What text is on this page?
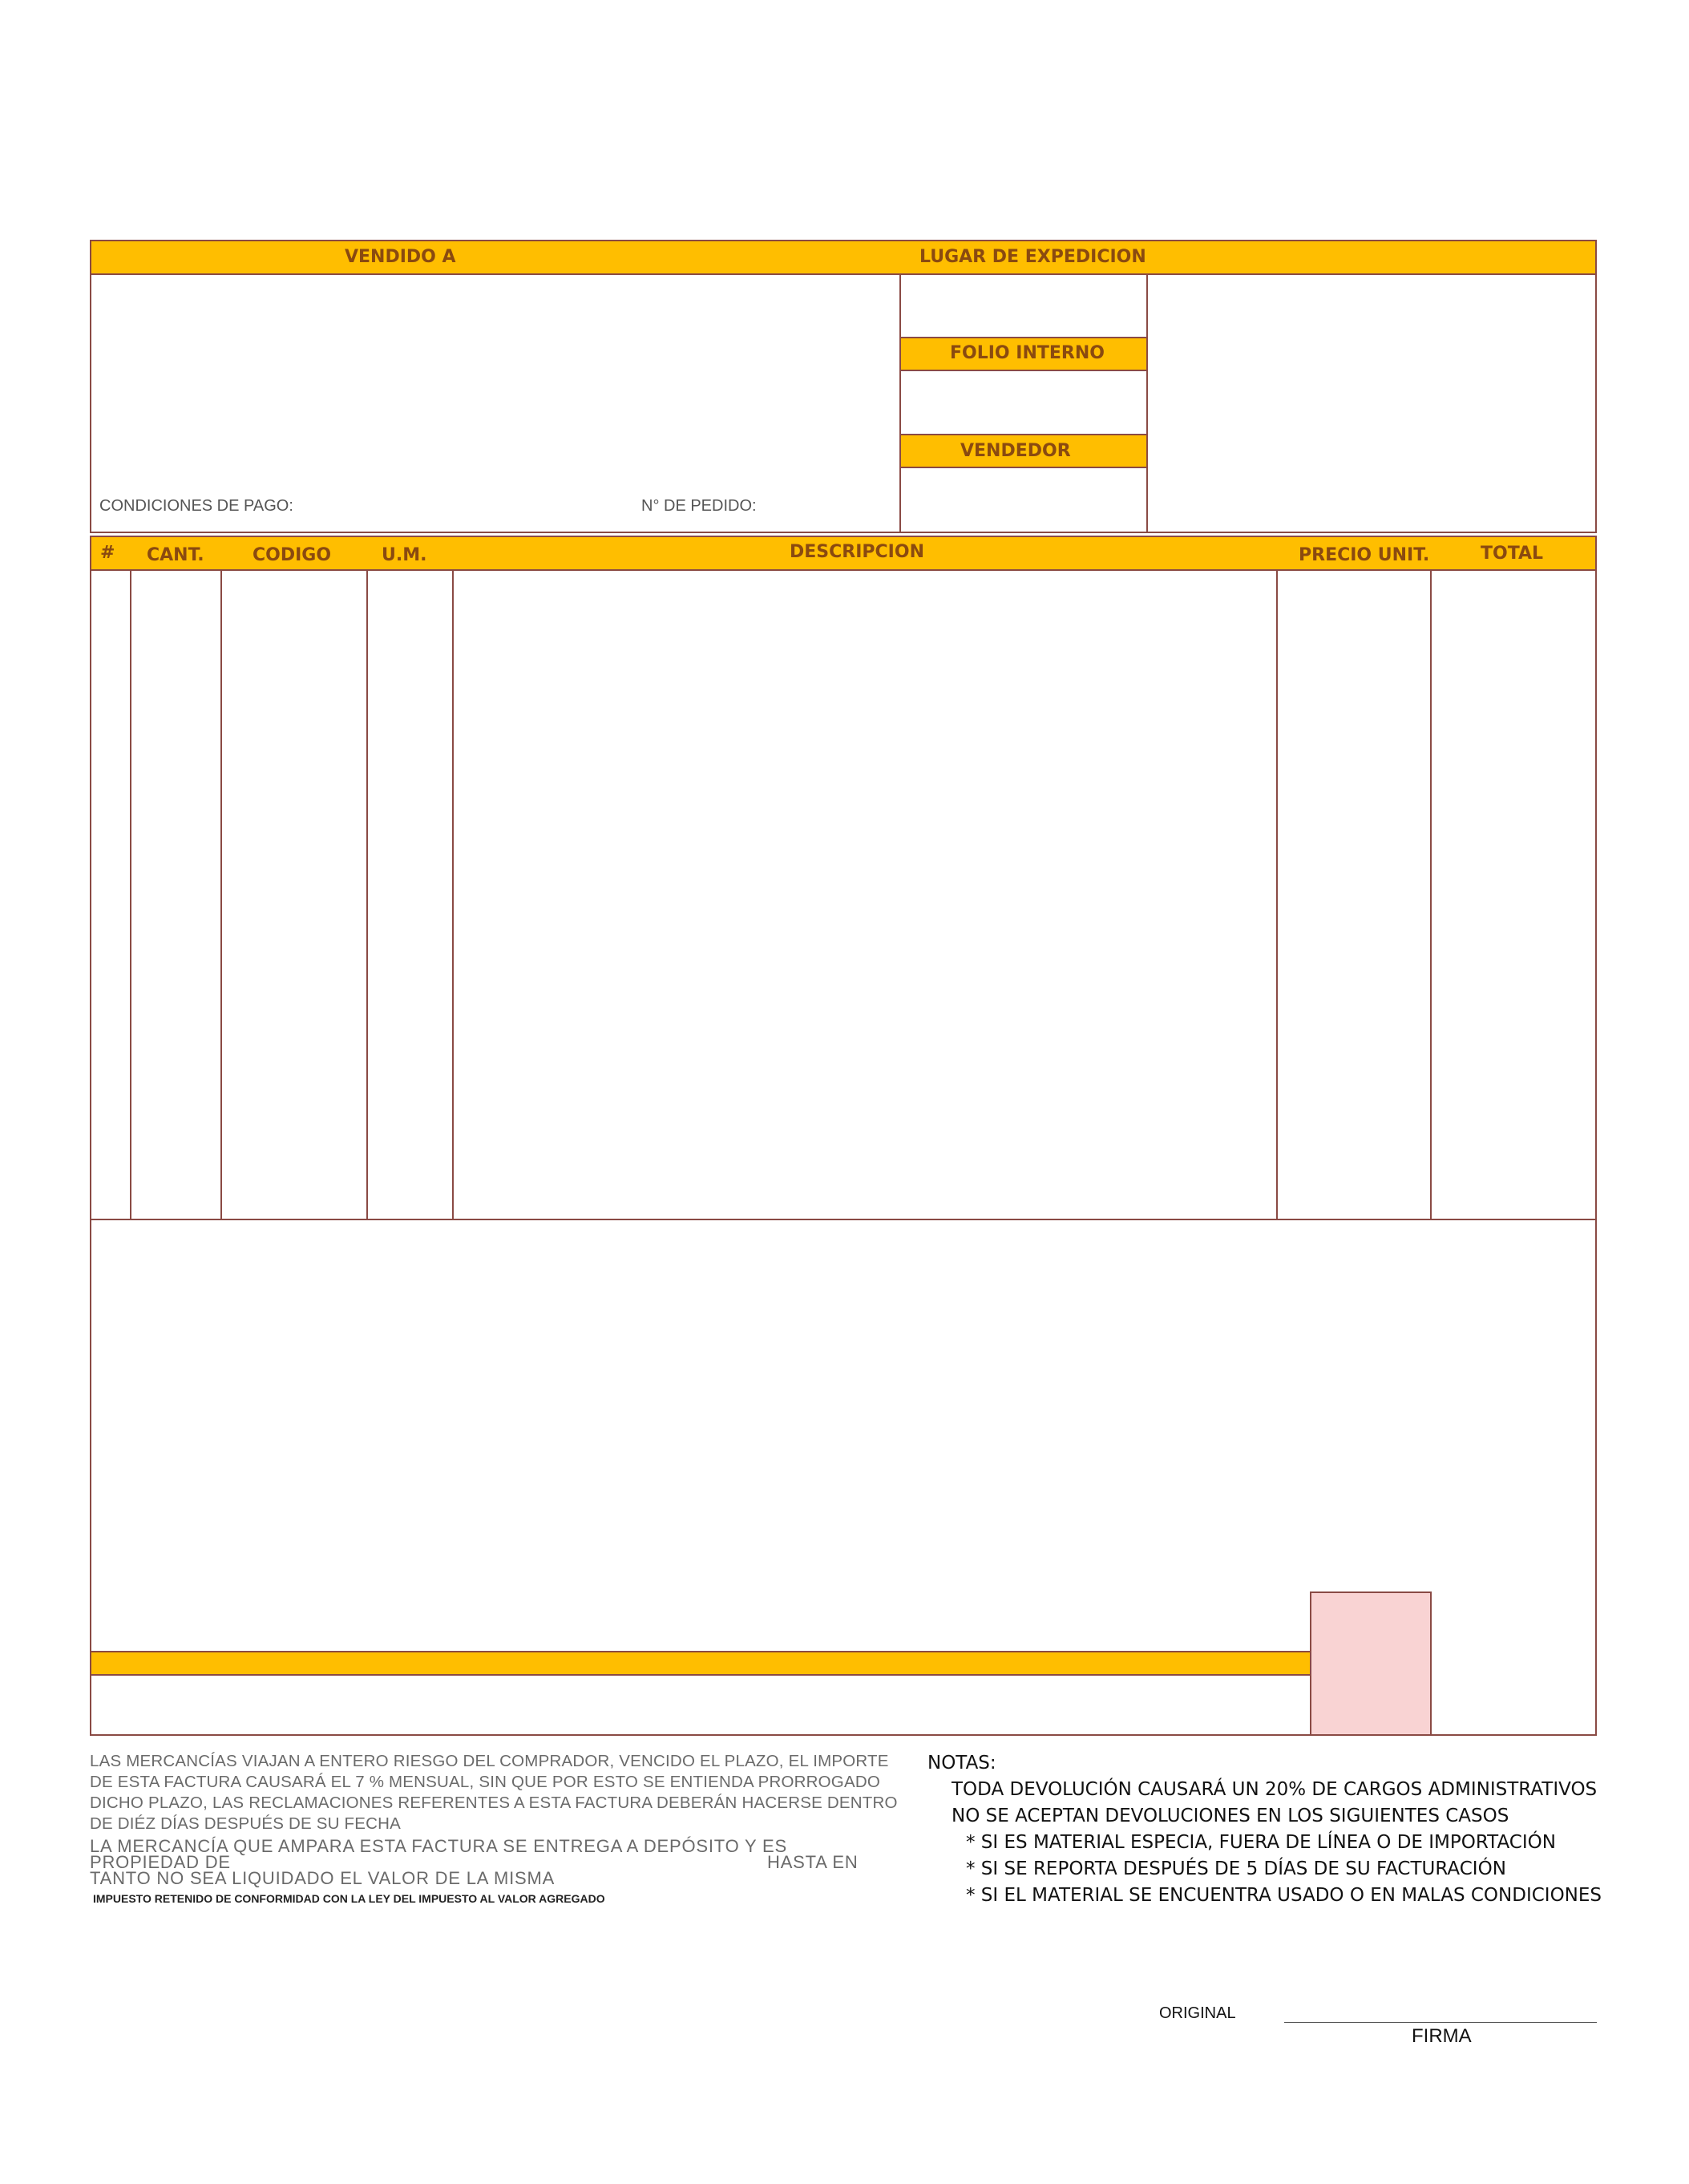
VENDIDO A	LUGAR DE EXPEDICION
FOLIO INTERNO
VENDEDOR
CONDICIONES DE PAGO:	N° DE PEDIDO:
# CANT.	CODIGO	U.M.	DESCRIPCION	PRECIO UNIT.	TOTAL
LAS MERCANCÍAS VIAJAN A ENTERO RIESGO DEL COMPRADOR, VENCIDO EL PLAZO, EL IMPORTE
DE ESTA FACTURA CAUSARÁ EL 7 % MENSUAL, SIN QUE POR ESTO SE ENTIENDA PRORROGADO
DICHO PLAZO, LAS RECLAMACIONES REFERENTES A ESTA FACTURA DEBERÁN HACERSE DENTRO
DE DIÉZ DÍAS DESPUÉS DE SU FECHA
LA MERCANCÍA QUE AMPARA ESTA FACTURA SE ENTREGA A DEPÓSITO Y ES
PROPIEDAD DE	HASTA EN
TANTO NO SEA LIQUIDADO EL VALOR DE LA MISMA
IMPUESTO RETENIDO DE CONFORMIDAD CON LA LEY DEL IMPUESTO AL VALOR AGREGADO
NOTAS:
TODA DEVOLUCIÓN CAUSARÁ UN 20% DE CARGOS ADMINISTRATIVOS
NO SE ACEPTAN DEVOLUCIONES EN LOS SIGUIENTES CASOS
* SI ES MATERIAL ESPECIA, FUERA DE LÍNEA O DE IMPORTACIÓN
* SI SE REPORTA DESPUÉS DE 5 DÍAS DE SU FACTURACIÓN
* SI EL MATERIAL SE ENCUENTRA USADO O EN MALAS CONDICIONES
ORIGINAL
FIRMA
